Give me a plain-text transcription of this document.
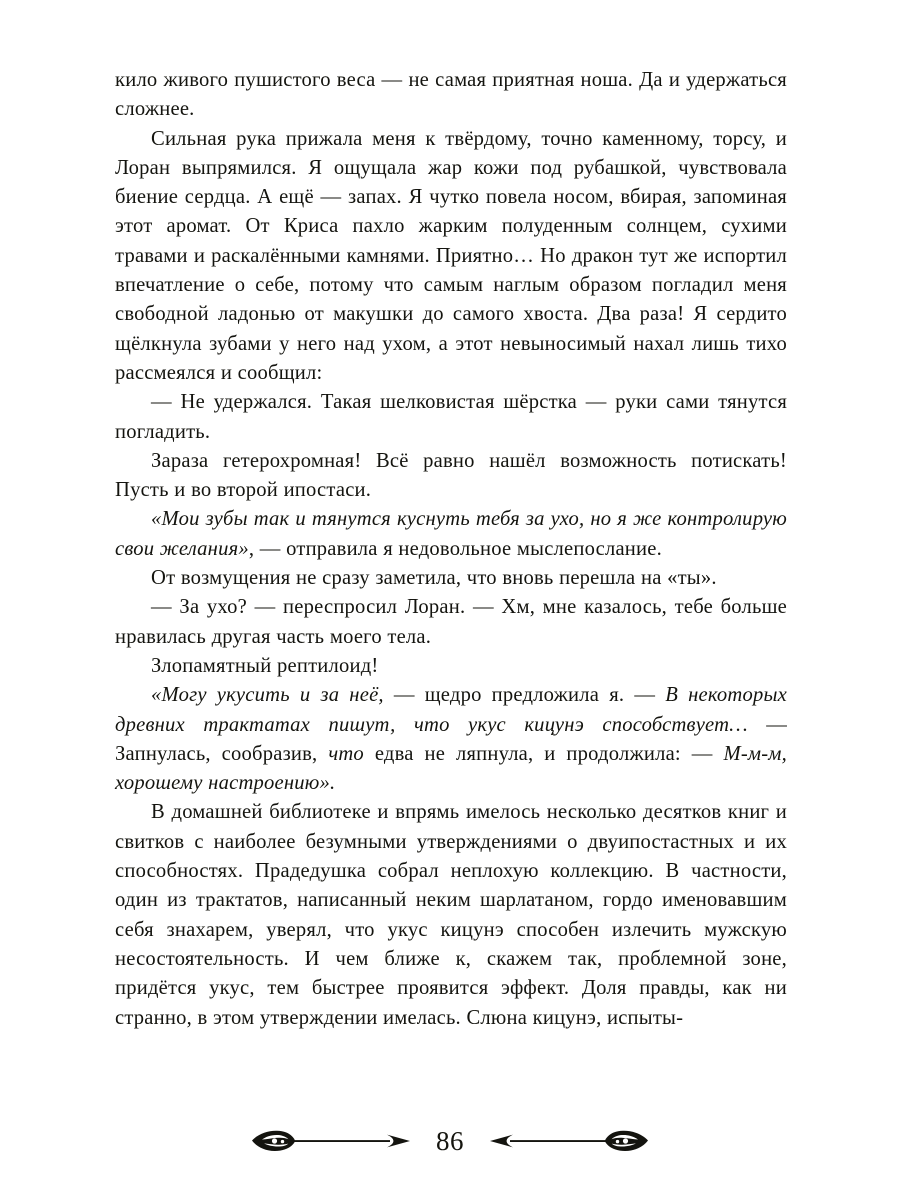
кило живого пушистого веса — не самая приятная ноша. Да и удержаться сложнее.

Сильная рука прижала меня к твёрдому, точно каменному, торсу, и Лоран выпрямился. Я ощущала жар кожи под рубашкой, чувствовала биение сердца. А ещё — запах. Я чутко повела носом, вбирая, запоминая этот аромат. От Криса пахло жарким полуденным солнцем, сухими травами и раскалёнными камнями. Приятно… Но дракон тут же испортил впечатление о себе, потому что самым наглым образом погладил меня свободной ладонью от макушки до самого хвоста. Два раза! Я сердито щёлкнула зубами у него над ухом, а этот невыносимый нахал лишь тихо рассмеялся и сообщил:

— Не удержался. Такая шелковистая шёрстка — руки сами тянутся погладить.

Зараза гетерохромная! Всё равно нашёл возможность потискать! Пусть и во второй ипостаси.

«Мои зубы так и тянутся куснуть тебя за ухо, но я же контролирую свои желания», — отправила я недовольное мыслепослание.

От возмущения не сразу заметила, что вновь перешла на «ты».

— За ухо? — переспросил Лоран. — Хм, мне казалось, тебе больше нравилась другая часть моего тела.

Злопамятный рептилоид!

«Могу укусить и за неё, — щедро предложила я. — В некоторых древних трактатах пишут, что укус кицунэ способствует… — Запнулась, сообразив, что едва не ляпнула, и продолжила: — М-м-м, хорошему настроению».

В домашней библиотеке и впрямь имелось несколько десятков книг и свитков с наиболее безумными утверждениями о двуипостастных и их способностях. Прадедушка собрал неплохую коллекцию. В частности, один из трактатов, написанный неким шарлатаном, гордо именовавшим себя знахарем, уверял, что укус кицунэ способен излечить мужскую несостоятельность. И чем ближе к, скажем так, проблемной зоне, придётся укус, тем быстрее проявится эффект. Доля правды, как ни странно, в этом утверждении имелась. Слюна кицунэ, испыты-

86
